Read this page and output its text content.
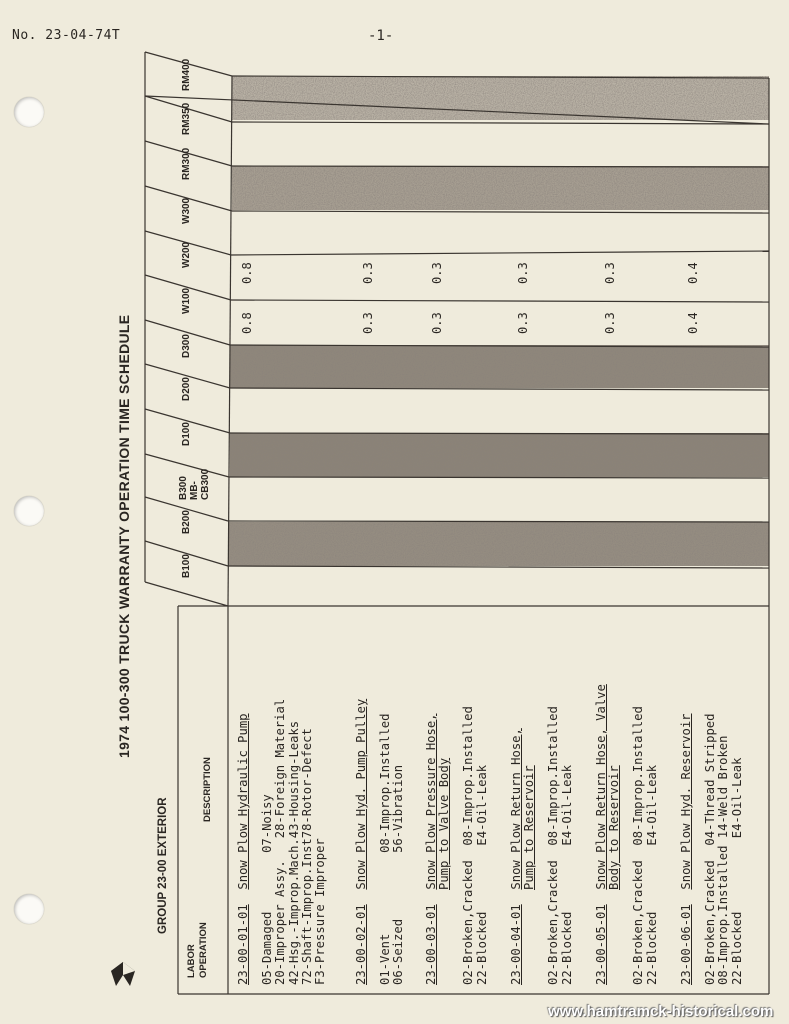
No. 23-04-74T	-1-
1974 100-300 TRUCK WARRANTY OPERATION TIME SCHEDULE
GROUP 23-00 EXTERIOR
B100
B200
B300 MB-CB300
D100
D200
D300
W100
W200
W300
RM300
RM350
RM400
LABOR OPERATION
DESCRIPTION
23-00-01-01  Snow Plow Hydraulic Pump 05-Damaged        07-Noisy 20-Improper Assy.   28-Foreign Material 42-Hsg.-Improp.Mach.43-Housing-Leaks 72-Shaft-Improp.Inst78-Rotor-Defect F3-Pressure Improper 23-00-02-01  Snow Plow Hyd. Pump Pulley 01-Vent           08-Improp.Installed 06-Seized         56-Vibration 23-00-03-01  Snow Plow Pressure Hose, Pump to Valve Body 02-Broken,Cracked  08-Improp.Installed 22-Blocked         E4-Oil-Leak 23-00-04-01  Snow Plow Return Hose, Pump to Reservoir 02-Broken,Cracked  08-Improp.Installed 22-Blocked         E4-Oil-Leak 23-00-05-01  Snow Plow Return Hose, Valve Body to Reservoir 02-Broken,Cracked  08-Improp.Installed 22-Blocked         E4-Oil-Leak 23-00-06-01  Snow Plow Hyd. Reservoir 02-Broken,Cracked  04-Thread Stripped 08-Improp.Installed 14-Weld Broken 22-Blocked          E4-Oil-Leak
0.8
0.8
0.3
0.3
0.3
0.3
0.3
0.3
0.3
0.3
0.4
0.4
www.hamtramck-historical.com
